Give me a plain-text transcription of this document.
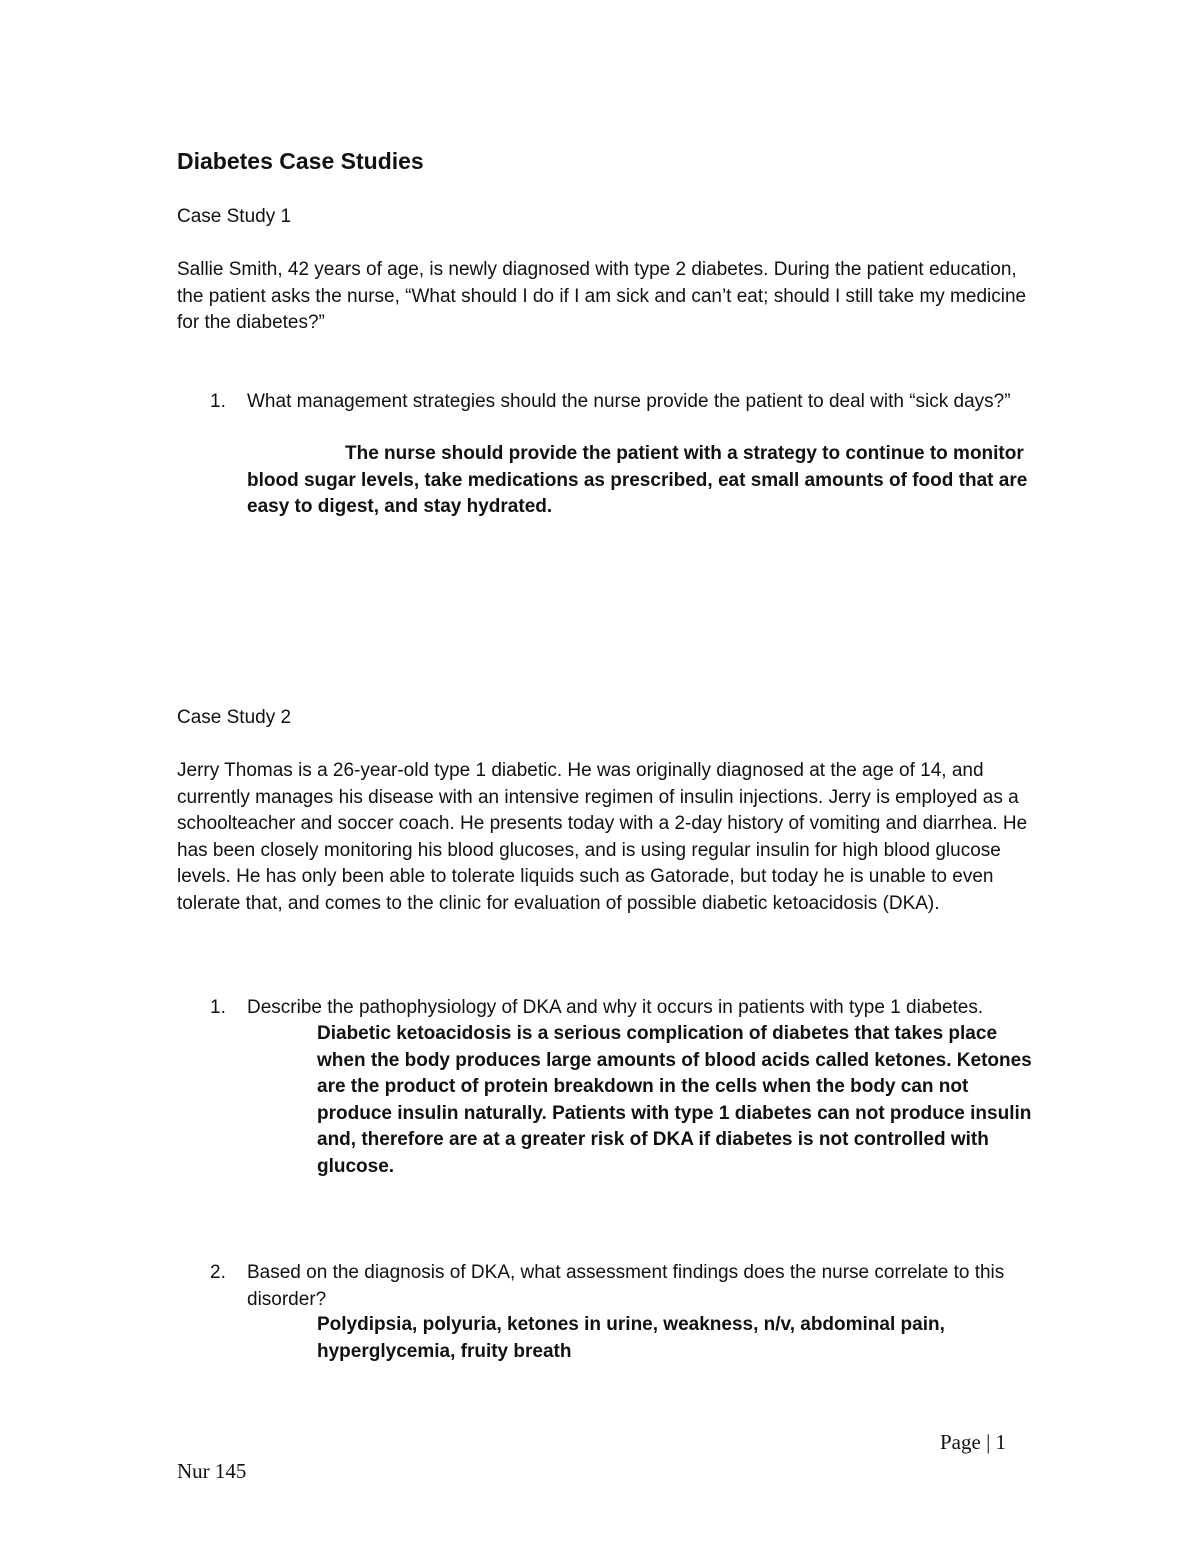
Diabetes Case Studies
Case Study 1

Sallie Smith, 42 years of age, is newly diagnosed with type 2 diabetes. During the patient education, the patient asks the nurse, “What should I do if I am sick and can’t eat; should I still take my medicine for the diabetes?”

1. What management strategies should the nurse provide the patient to deal with “sick days?”

The nurse should provide the patient with a strategy to continue to monitor blood sugar levels, take medications as prescribed, eat small amounts of food that are easy to digest, and stay hydrated.

Case Study 2

Jerry Thomas is a 26-year-old type 1 diabetic. He was originally diagnosed at the age of 14, and currently manages his disease with an intensive regimen of insulin injections. Jerry is employed as a schoolteacher and soccer coach. He presents today with a 2-day history of vomiting and diarrhea. He has been closely monitoring his blood glucoses, and is using regular insulin for high blood glucose levels. He has only been able to tolerate liquids such as Gatorade, but today he is unable to even tolerate that, and comes to the clinic for evaluation of possible diabetic ketoacidosis (DKA).

1. Describe the pathophysiology of DKA and why it occurs in patients with type 1 diabetes.

Diabetic ketoacidosis is a serious complication of diabetes that takes place when the body produces large amounts of blood acids called ketones. Ketones are the product of protein breakdown in the cells when the body can not produce insulin naturally. Patients with type 1 diabetes can not produce insulin and, therefore are at a greater risk of DKA if diabetes is not controlled with glucose.

2. Based on the diagnosis of DKA, what assessment findings does the nurse correlate to this disorder?

Polydipsia, polyuria, ketones in urine, weakness, n/v, abdominal pain, hyperglycemia, fruity breath

Page | 1
Nur 145
